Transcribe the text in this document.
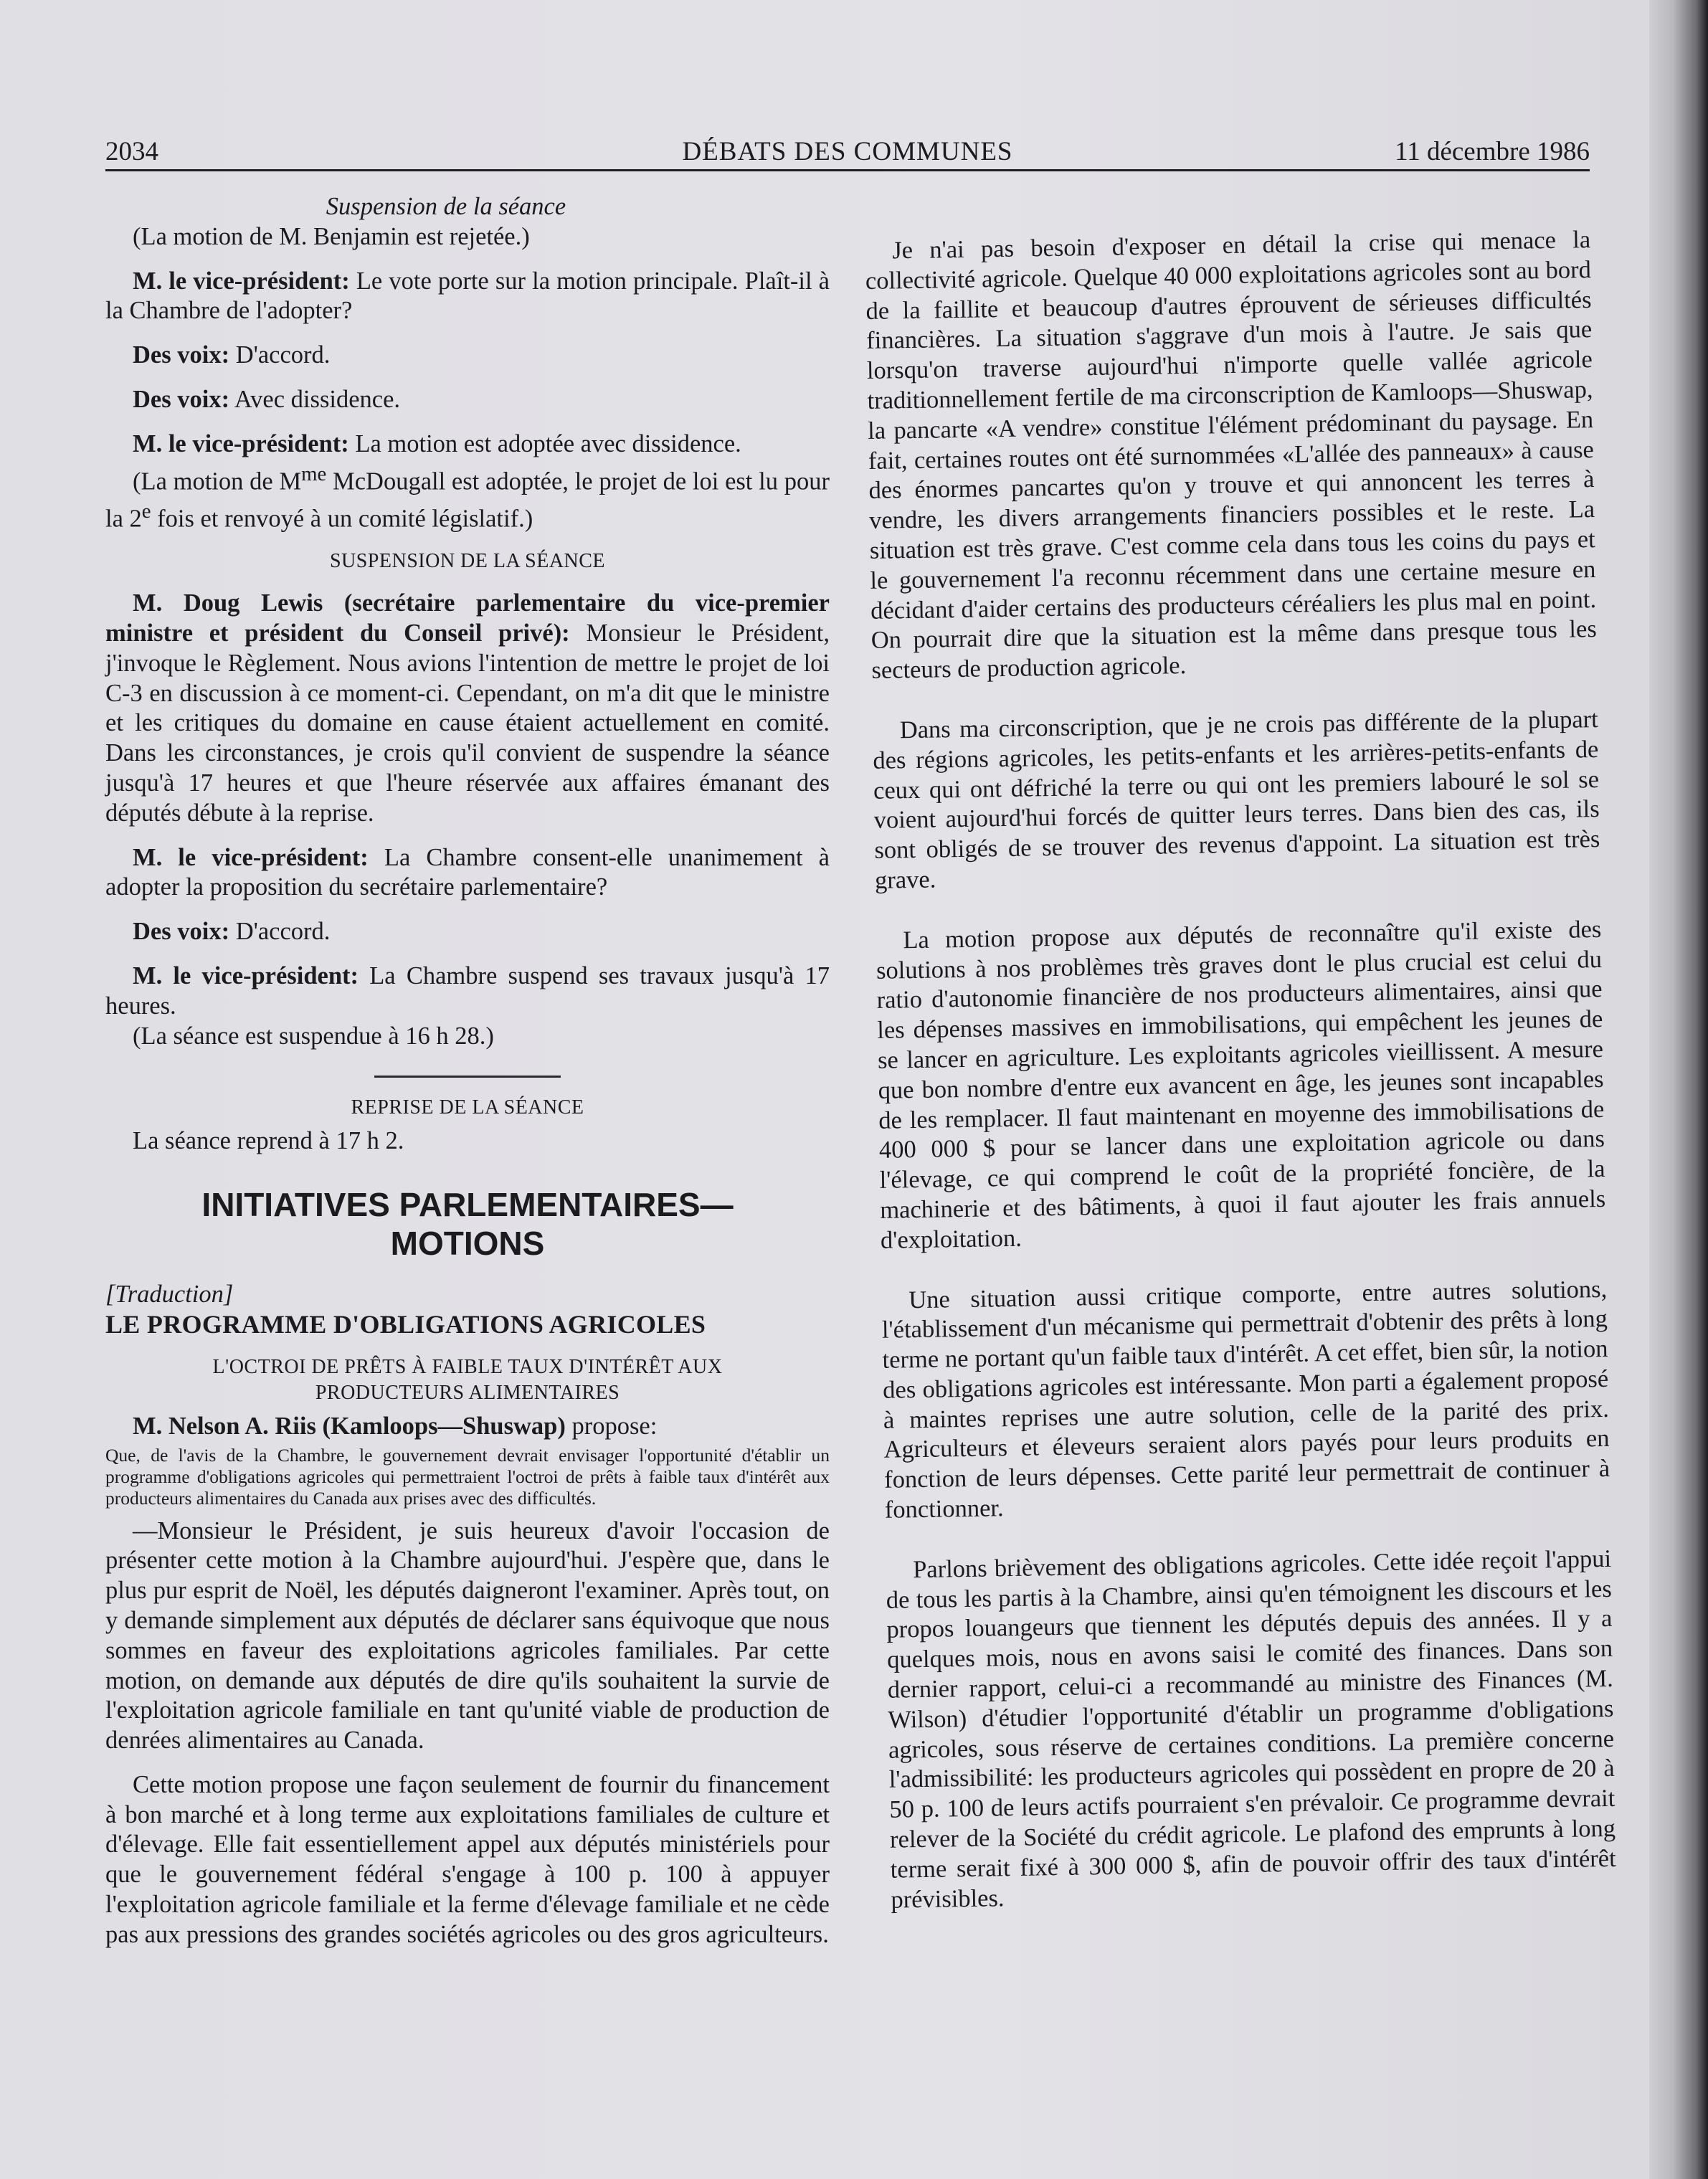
2034	DÉBATS DES COMMUNES	11 décembre 1986

Suspension de la séance

(La motion de M. Benjamin est rejetée.)

M. le vice-président: Le vote porte sur la motion principale. Plaît-il à la Chambre de l'adopter?

Des voix: D'accord.

Des voix: Avec dissidence.

M. le vice-président: La motion est adoptée avec dissidence.

(La motion de $M^{me}$ McDougall est adoptée, le projet de loi est lu pour la 2e fois et renvoyé à un comité législatif.)

SUSPENSION DE LA SÉANCE

M. Doug Lewis (secrétaire parlementaire du vice-premier ministre et président du Conseil privé): Monsieur le Président, j'invoque le Règlement. Nous avions l'intention de mettre le projet de loi C-3 en discussion à ce moment-ci. Cependant, on m'a dit que le ministre et les critiques du domaine en cause étaient actuellement en comité. Dans les circonstances, je crois qu'il convient de suspendre la séance jusqu'à 17 heures et que l'heure réservée aux affaires émanant des députés débute à la reprise.

M. le vice-président: La Chambre consent-elle unanimement à adopter la proposition du secrétaire parlementaire?

Des voix: D'accord.

M. le vice-président: La Chambre suspend ses travaux jusqu'à 17 heures.

(La séance est suspendue à 16 h 28.)

REPRISE DE LA SÉANCE

La séance reprend à 17 h 2.

INITIATIVES PARLEMENTAIRES—
MOTIONS

[Traduction]

LE PROGRAMME D'OBLIGATIONS AGRICOLES

L'OCTROI DE PRÊTS À FAIBLE TAUX D'INTÉRÊT AUX
PRODUCTEURS ALIMENTAIRES

M. Nelson A. Riis (Kamloops—Shuswap) propose:

Que, de l'avis de la Chambre, le gouvernement devrait envisager l'opportunité d'établir un programme d'obligations agricoles qui permettraient l'octroi de prêts à faible taux d'intérêt aux producteurs alimentaires du Canada aux prises avec des difficultés.

—Monsieur le Président, je suis heureux d'avoir l'occasion de présenter cette motion à la Chambre aujourd'hui. J'espère que, dans le plus pur esprit de Noël, les députés daigneront l'examiner. Après tout, on y demande simplement aux députés de déclarer sans équivoque que nous sommes en faveur des exploitations agricoles familiales. Par cette motion, on demande aux députés de dire qu'ils souhaitent la survie de l'exploitation agricole familiale en tant qu'unité viable de production de denrées alimentaires au Canada.

Cette motion propose une façon seulement de fournir du financement à bon marché et à long terme aux exploitations familiales de culture et d'élevage. Elle fait essentiellement appel aux députés ministériels pour que le gouvernement fédéral s'engage à 100 p. 100 à appuyer l'exploitation agricole familiale et la ferme d'élevage familiale et ne cède pas aux pressions des grandes sociétés agricoles ou des gros agriculteurs.

Je n'ai pas besoin d'exposer en détail la crise qui menace la collectivité agricole. Quelque 40 000 exploitations agricoles sont au bord de la faillite et beaucoup d'autres éprouvent de sérieuses difficultés financières. La situation s'aggrave d'un mois à l'autre. Je sais que lorsqu'on traverse aujourd'hui n'importe quelle vallée agricole traditionnellement fertile de ma circonscription de Kamloops—Shuswap, la pancarte «A vendre» constitue l'élément prédominant du paysage. En fait, certaines routes ont été surnommées «L'allée des panneaux» à cause des énormes pancartes qu'on y trouve et qui annoncent les terres à vendre, les divers arrangements financiers possibles et le reste. La situation est très grave. C'est comme cela dans tous les coins du pays et le gouvernement l'a reconnu récemment dans une certaine mesure en décidant d'aider certains des producteurs céréaliers les plus mal en point. On pourrait dire que la situation est la même dans presque tous les secteurs de production agricole.

Dans ma circonscription, que je ne crois pas différente de la plupart des régions agricoles, les petits-enfants et les arrières-petits-enfants de ceux qui ont défriché la terre ou qui ont les premiers labouré le sol se voient aujourd'hui forcés de quitter leurs terres. Dans bien des cas, ils sont obligés de se trouver des revenus d'appoint. La situation est très grave.

La motion propose aux députés de reconnaître qu'il existe des solutions à nos problèmes très graves dont le plus crucial est celui du ratio d'autonomie financière de nos producteurs alimentaires, ainsi que les dépenses massives en immobilisations, qui empêchent les jeunes de se lancer en agriculture. Les exploitants agricoles vieillissent. A mesure que bon nombre d'entre eux avancent en âge, les jeunes sont incapables de les remplacer. Il faut maintenant en moyenne des immobilisations de 400 000 $ pour se lancer dans une exploitation agricole ou dans l'élevage, ce qui comprend le coût de la propriété foncière, de la machinerie et des bâtiments, à quoi il faut ajouter les frais annuels d'exploitation.

Une situation aussi critique comporte, entre autres solutions, l'établissement d'un mécanisme qui permettrait d'obtenir des prêts à long terme ne portant qu'un faible taux d'intérêt. A cet effet, bien sûr, la notion des obligations agricoles est intéressante. Mon parti a également proposé à maintes reprises une autre solution, celle de la parité des prix. Agriculteurs et éleveurs seraient alors payés pour leurs produits en fonction de leurs dépenses. Cette parité leur permettrait de continuer à fonctionner.

Parlons brièvement des obligations agricoles. Cette idée reçoit l'appui de tous les partis à la Chambre, ainsi qu'en témoignent les discours et les propos louangeurs que tiennent les députés depuis des années. Il y a quelques mois, nous en avons saisi le comité des finances. Dans son dernier rapport, celui-ci a recommandé au ministre des Finances (M. Wilson) d'étudier l'opportunité d'établir un programme d'obligations agricoles, sous réserve de certaines conditions. La première concerne l'admissibilité: les producteurs agricoles qui possèdent en propre de 20 à 50 p. 100 de leurs actifs pourraient s'en prévaloir. Ce programme devrait relever de la Société du crédit agricole. Le plafond des emprunts à long terme serait fixé à 300 000 $, afin de pouvoir offrir des taux d'intérêt prévisibles.
